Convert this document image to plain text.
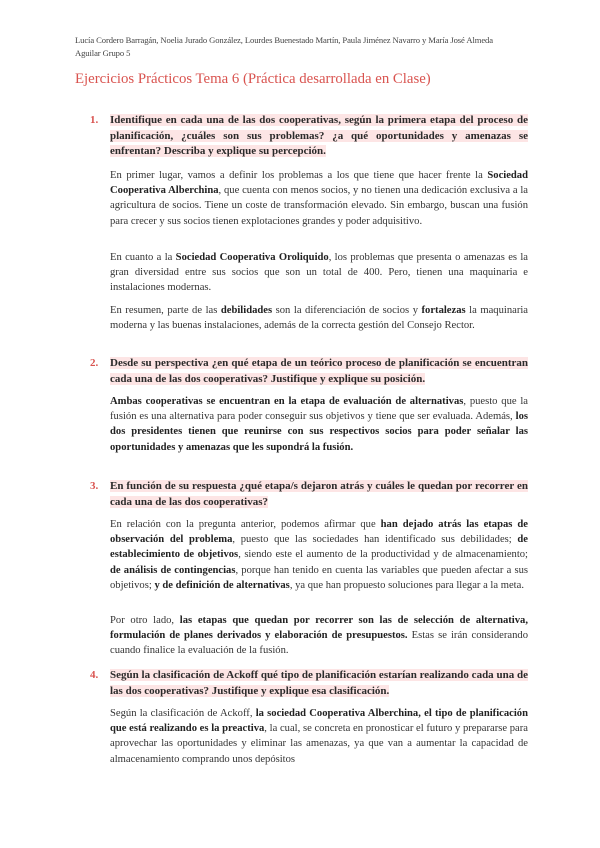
Lucía Cordero Barragán, Noelia Jurado González, Lourdes Buenestado Martín, Paula Jiménez Navarro y María José Almeda Aguilar Grupo 5
Ejercicios Prácticos Tema 6 (Práctica desarrollada en Clase)
1. Identifique en cada una de las dos cooperativas, según la primera etapa del proceso de planificación, ¿cuáles son sus problemas? ¿a qué oportunidades y amenazas se enfrentan? Describa y explique su percepción.
En primer lugar, vamos a definir los problemas a los que tiene que hacer frente la Sociedad Cooperativa Alberchina, que cuenta con menos socios, y no tienen una dedicación exclusiva a la agricultura de socios. Tiene un coste de transformación elevado. Sin embargo, buscan una fusión para crecer y sus socios tienen explotaciones grandes y poder adquisitivo.
En cuanto a la Sociedad Cooperativa Oroliquido, los problemas que presenta o amenazas es la gran diversidad entre sus socios que son un total de 400. Pero, tienen una maquinaria e instalaciones modernas.
En resumen, parte de las debilidades son la diferenciación de socios y fortalezas la maquinaria moderna y las buenas instalaciones, además de la correcta gestión del Consejo Rector.
2. Desde su perspectiva ¿en qué etapa de un teórico proceso de planificación se encuentran cada una de las dos cooperativas? Justifique y explique su posición.
Ambas cooperativas se encuentran en la etapa de evaluación de alternativas, puesto que la fusión es una alternativa para poder conseguir sus objetivos y tiene que ser evaluada. Además, los dos presidentes tienen que reunirse con sus respectivos socios para poder señalar las oportunidades y amenazas que les supondrá la fusión.
3. En función de su respuesta ¿qué etapa/s dejaron atrás y cuáles le quedan por recorrer en cada una de las dos cooperativas?
En relación con la pregunta anterior, podemos afirmar que han dejado atrás las etapas de observación del problema, puesto que las sociedades han identificado sus debilidades; de establecimiento de objetivos, siendo este el aumento de la productividad y de almacenamiento; de análisis de contingencias, porque han tenido en cuenta las variables que pueden afectar a sus objetivos; y de definición de alternativas, ya que han propuesto soluciones para llegar a la meta.
Por otro lado, las etapas que quedan por recorrer son las de selección de alternativa, formulación de planes derivados y elaboración de presupuestos. Estas se irán considerando cuando finalice la evaluación de la fusión.
4. Según la clasificación de Ackoff qué tipo de planificación estarían realizando cada una de las dos cooperativas? Justifique y explique esa clasificación.
Según la clasificación de Ackoff, la sociedad Cooperativa Alberchina, el tipo de planificación que está realizando es la preactiva, la cual, se concreta en pronosticar el futuro y prepararse para aprovechar las oportunidades y eliminar las amenazas, ya que van a aumentar la capacidad de almacenamiento comprando unos depósitos
